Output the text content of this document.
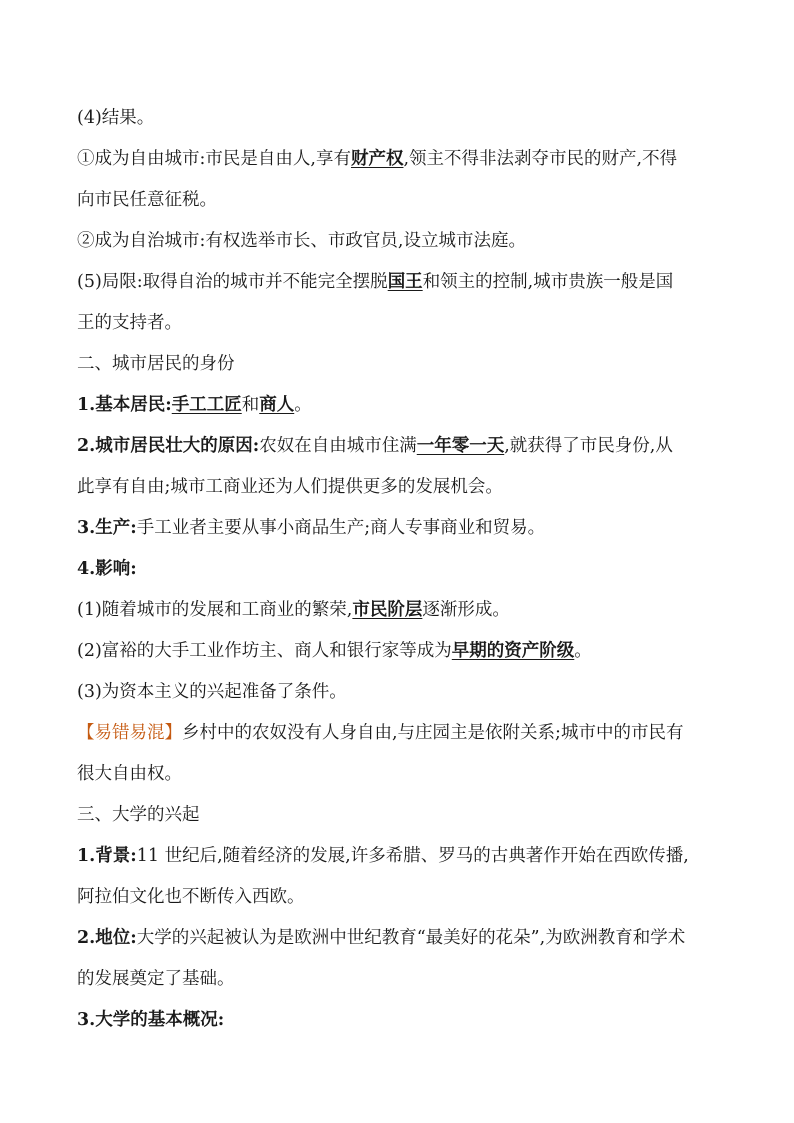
(4)结果。

①成为自由城市:市民是自由人,享有财产权,领主不得非法剥夺市民的财产,不得

向市民任意征税。

②成为自治城市:有权选举市长、市政官员,设立城市法庭。

(5)局限:取得自治的城市并不能完全摆脱国王和领主的控制,城市贵族一般是国

王的支持者。

二、城市居民的身份

1.基本居民:手工工匠和商人。

2.城市居民壮大的原因:农奴在自由城市住满一年零一天,就获得了市民身份,从

此享有自由;城市工商业还为人们提供更多的发展机会。

3.生产:手工业者主要从事小商品生产;商人专事商业和贸易。

4.影响:

(1)随着城市的发展和工商业的繁荣,市民阶层逐渐形成。

(2)富裕的大手工业作坊主、商人和银行家等成为早期的资产阶级。

(3)为资本主义的兴起准备了条件。

【易错易混】乡村中的农奴没有人身自由,与庄园主是依附关系;城市中的市民有

很大自由权。

三、大学的兴起

1.背景:11 世纪后,随着经济的发展,许多希腊、罗马的古典著作开始在西欧传播,

阿拉伯文化也不断传入西欧。

2.地位:大学的兴起被认为是欧洲中世纪教育“最美好的花朵”,为欧洲教育和学术

的发展奠定了基础。

3.大学的基本概况:
